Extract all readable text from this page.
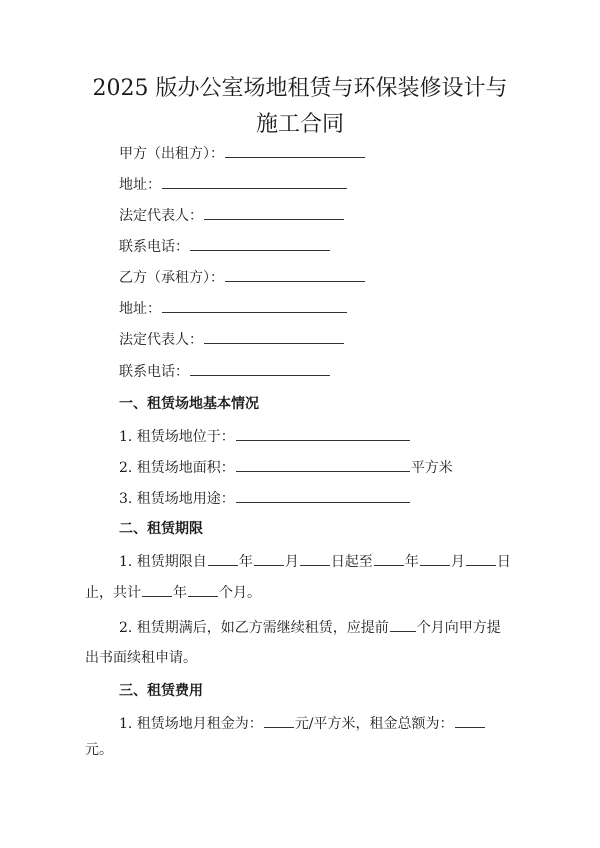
2025 版办公室场地租赁与环保装修设计与
施工合同
甲方（出租方）：
地址：
法定代表人：
联系电话：
乙方（承租方）：
地址：
法定代表人：
联系电话：
一、租赁场地基本情况
1. 租赁场地位于：
2. 租赁场地面积：	平方米
3. 租赁场地用途：
二、租赁期限
1. 租赁期限自 年 月 日起至 年 月 日
止，共计 年 个月。
2. 租赁期满后，如乙方需继续租赁，应提前 个月向甲方提
出书面续租申请。
三、租赁费用
1. 租赁场地月租金为： 元/平方米，租金总额为：
元。
